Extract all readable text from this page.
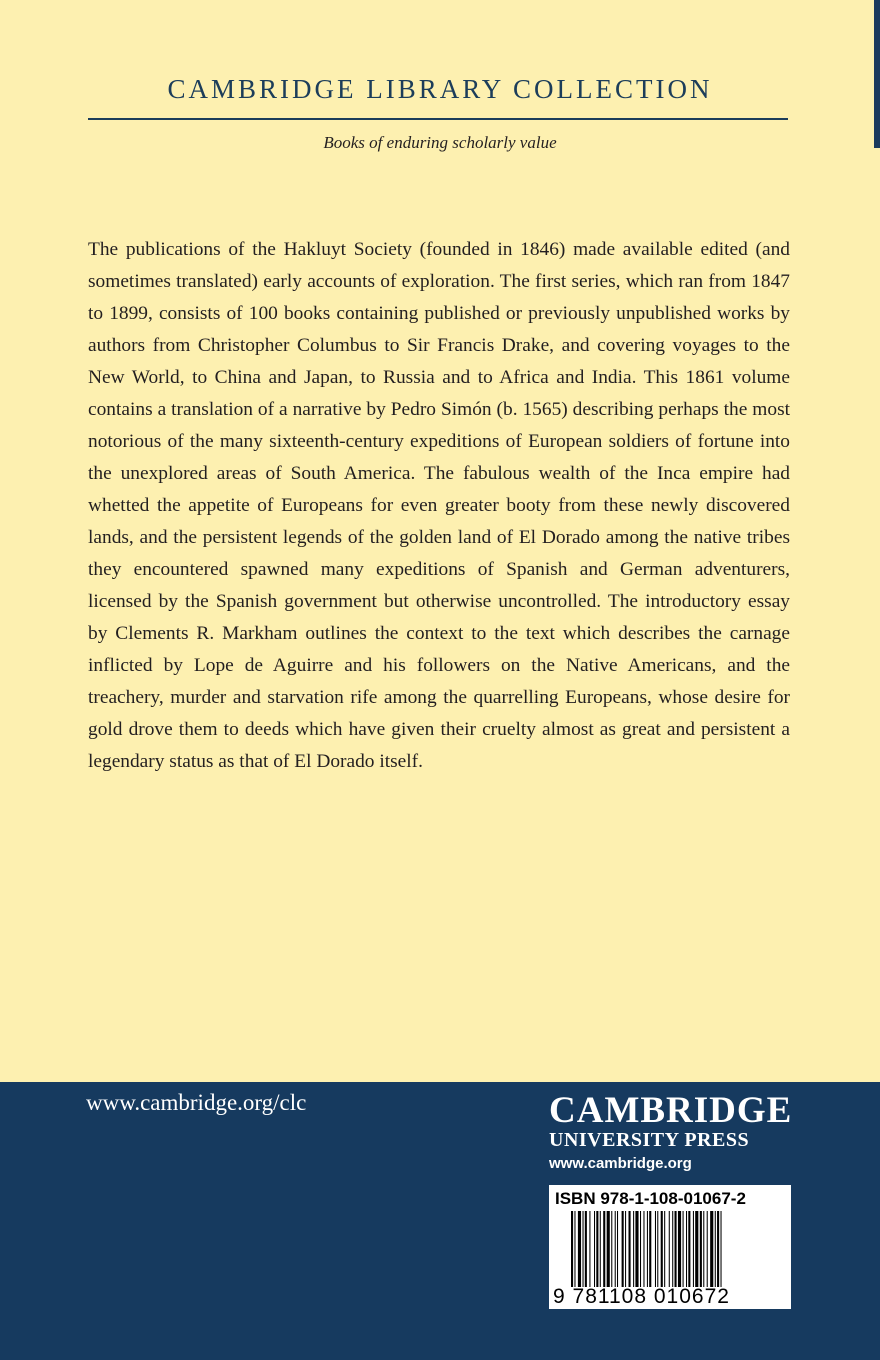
CAMBRIDGE LIBRARY COLLECTION
Books of enduring scholarly value

The publications of the Hakluyt Society (founded in 1846) made available edited (and sometimes translated) early accounts of exploration. The first series, which ran from 1847 to 1899, consists of 100 books containing published or previously unpublished works by authors from Christopher Columbus to Sir Francis Drake, and covering voyages to the New World, to China and Japan, to Russia and to Africa and India. This 1861 volume contains a translation of a narrative by Pedro Simón (b. 1565) describing perhaps the most notorious of the many sixteenth-century expeditions of European soldiers of fortune into the unexplored areas of South America. The fabulous wealth of the Inca empire had whetted the appetite of Europeans for even greater booty from these newly discovered lands, and the persistent legends of the golden land of El Dorado among the native tribes they encountered spawned many expeditions of Spanish and German adventurers, licensed by the Spanish government but otherwise uncontrolled. The introductory essay by Clements R. Markham outlines the context to the text which describes the carnage inflicted by Lope de Aguirre and his followers on the Native Americans, and the treachery, murder and starvation rife among the quarrelling Europeans, whose desire for gold drove them to deeds which have given their cruelty almost as great and persistent a legendary status as that of El Dorado itself.

www.cambridge.org/clc	CAMBRIDGE
UNIVERSITY PRESS
www.cambridge.org
ISBN 978-1-108-01067-2
9 781108 010672
